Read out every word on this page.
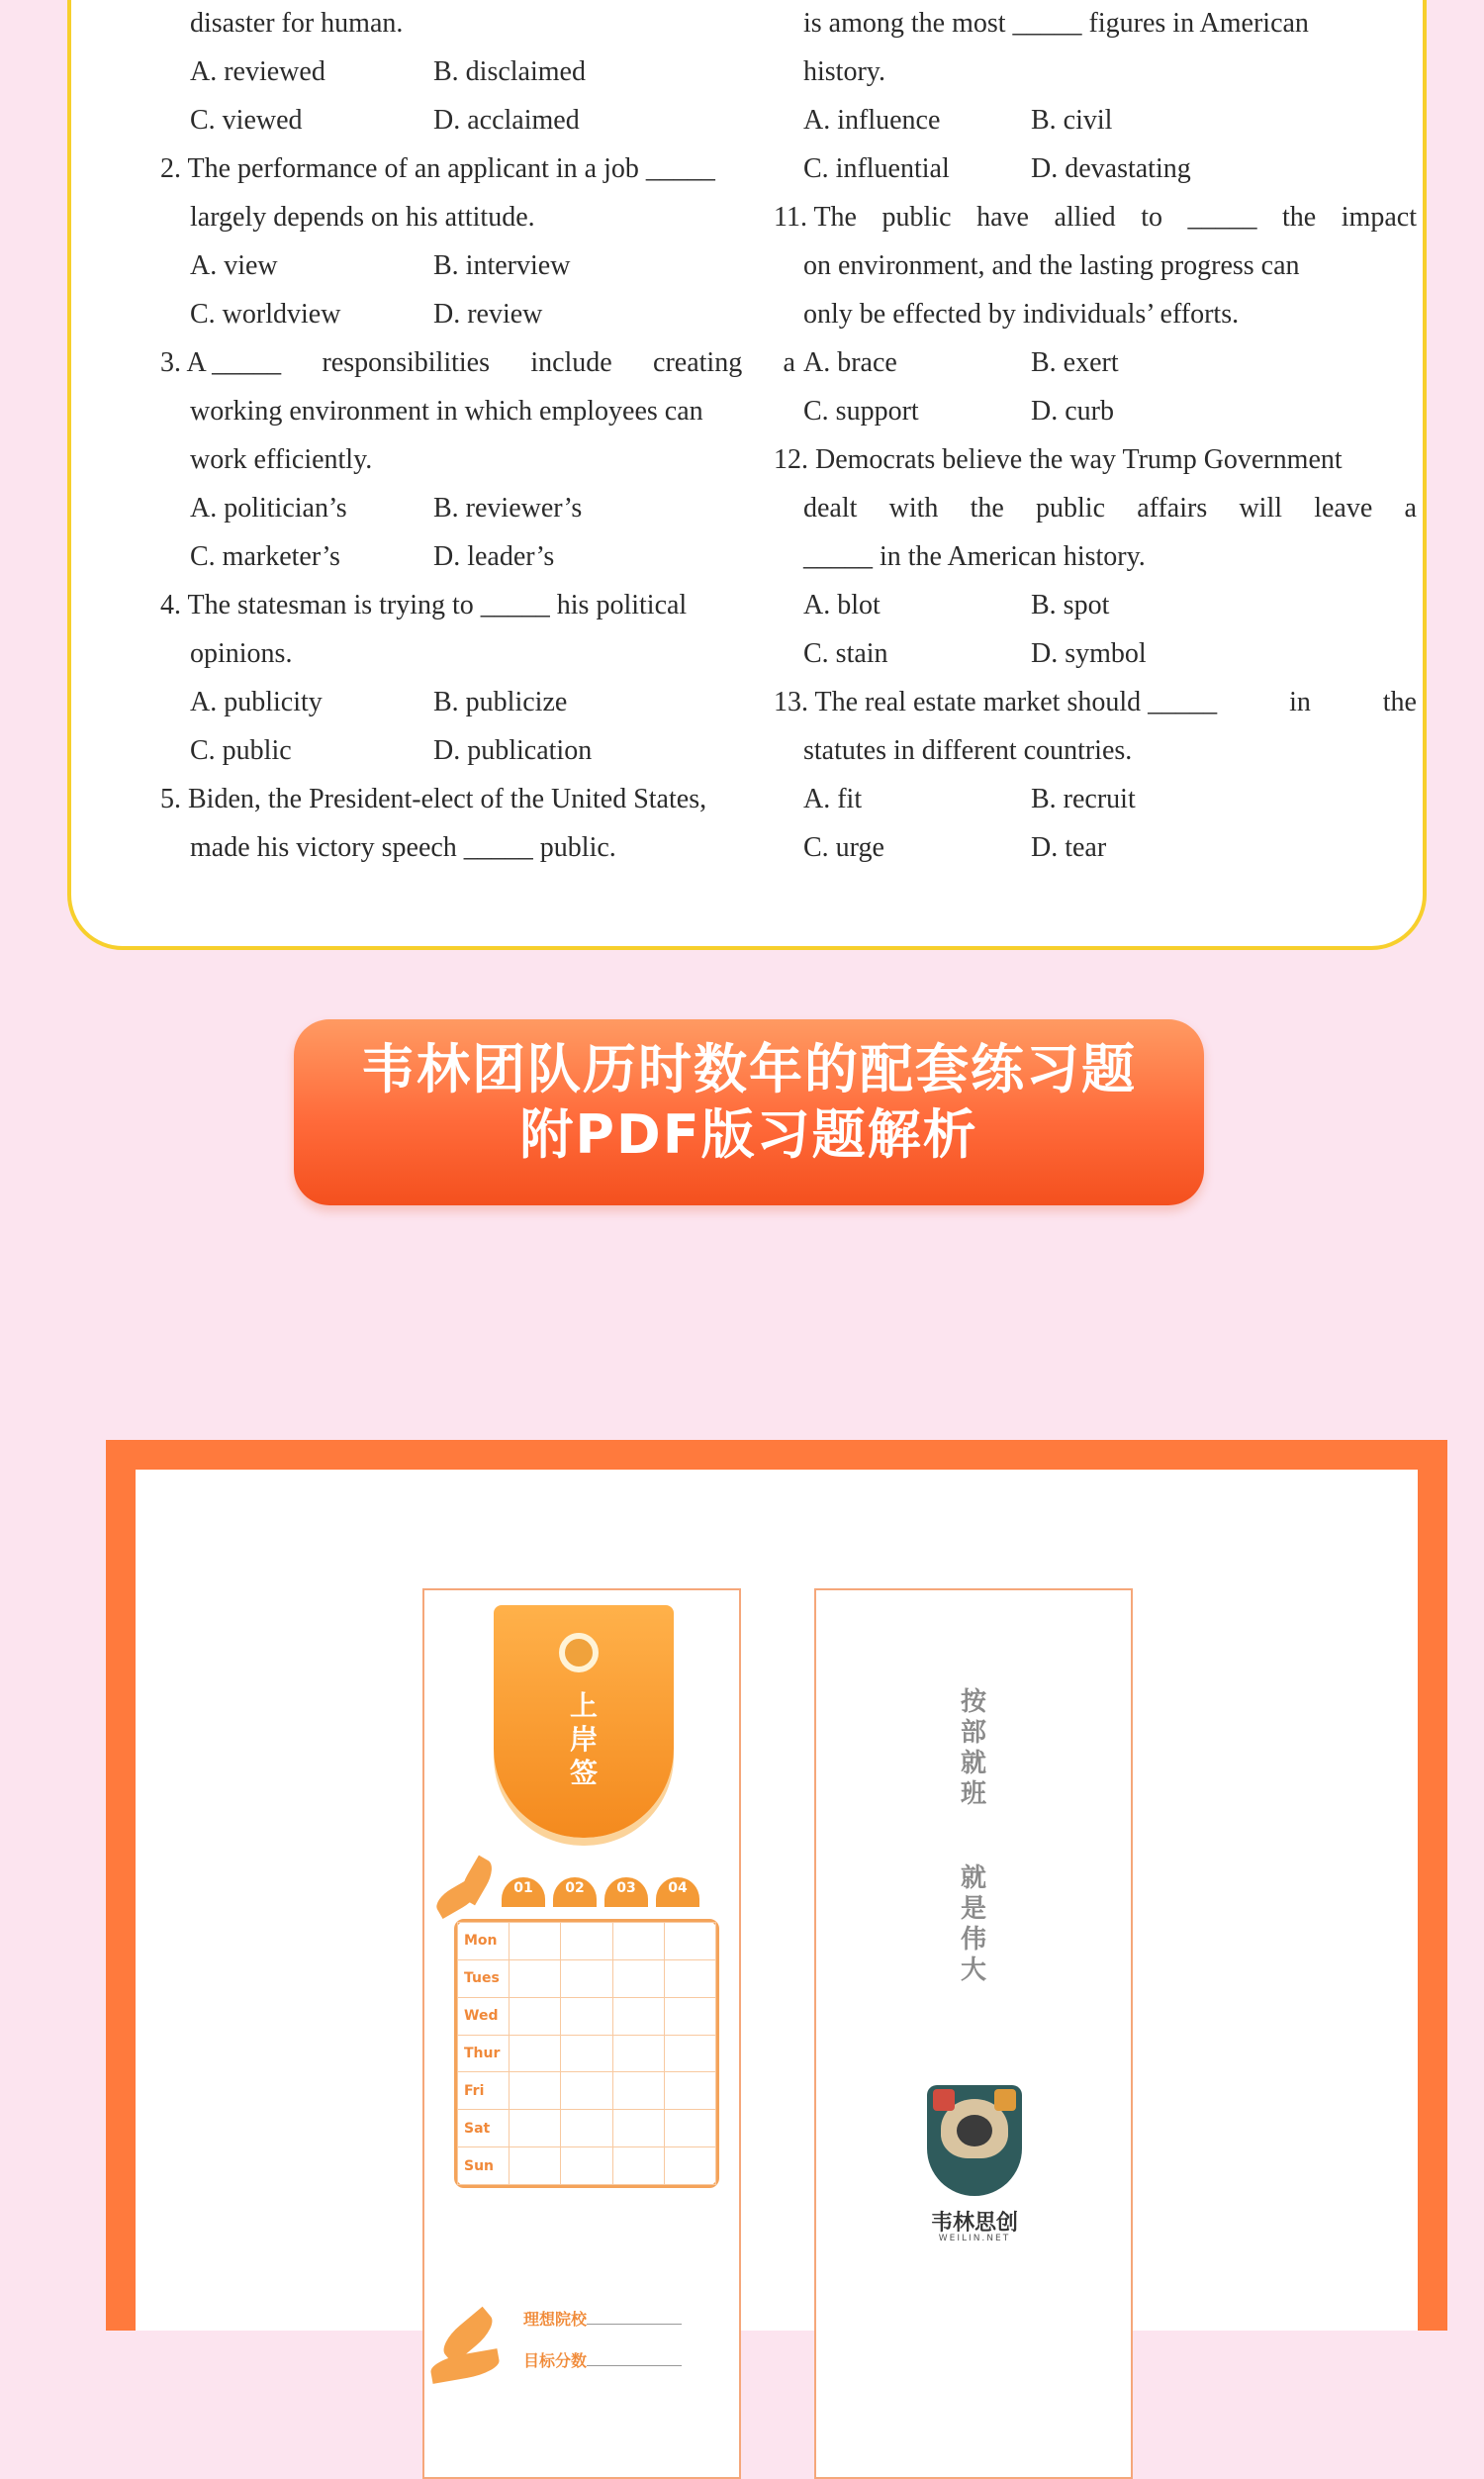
disaster for human.
A. reviewed	B. disclaimed
C. viewed	D. acclaimed
2. The performance of an applicant in a job _____
largely depends on his attitude.
A. view	B. interview
C. worldview	D. review
3. A _____ responsibilities include creating a
working environment in which employees can
work efficiently.
A. politician’s	B. reviewer’s
C. marketer’s	D. leader’s
4. The statesman is trying to _____ his political
opinions.
A. publicity	B. publicize
C. public	D. publication
5. Biden, the President-elect of the United States,
made his victory speech _____ public.
is among the most _____ figures in American
history.
A. influence	B. civil
C. influential	D. devastating
11. The public have allied to _____ the impact
on environment, and the lasting progress can
only be effected by individuals’ efforts.
A. brace	B. exert
C. support	D. curb
12. Democrats believe the way Trump Government
dealt with the public affairs will leave a
_____ in the American history.
A. blot	B. spot
C. stain	D. symbol
13. The real estate market should _____	in	the
statutes in different countries.
A. fit	B. recruit
C. urge	D. tear
韦林团队历时数年的配套练习题
附PDF版习题解析
上
岸
签
01	02	03	04
Mon				
Tues				
Wed				
Thur				
Fri				
Sat				
Sun				
理想院校
目标分数
按
部
就
班
就
是
伟
大
韦林思创
WEILIN.NET
